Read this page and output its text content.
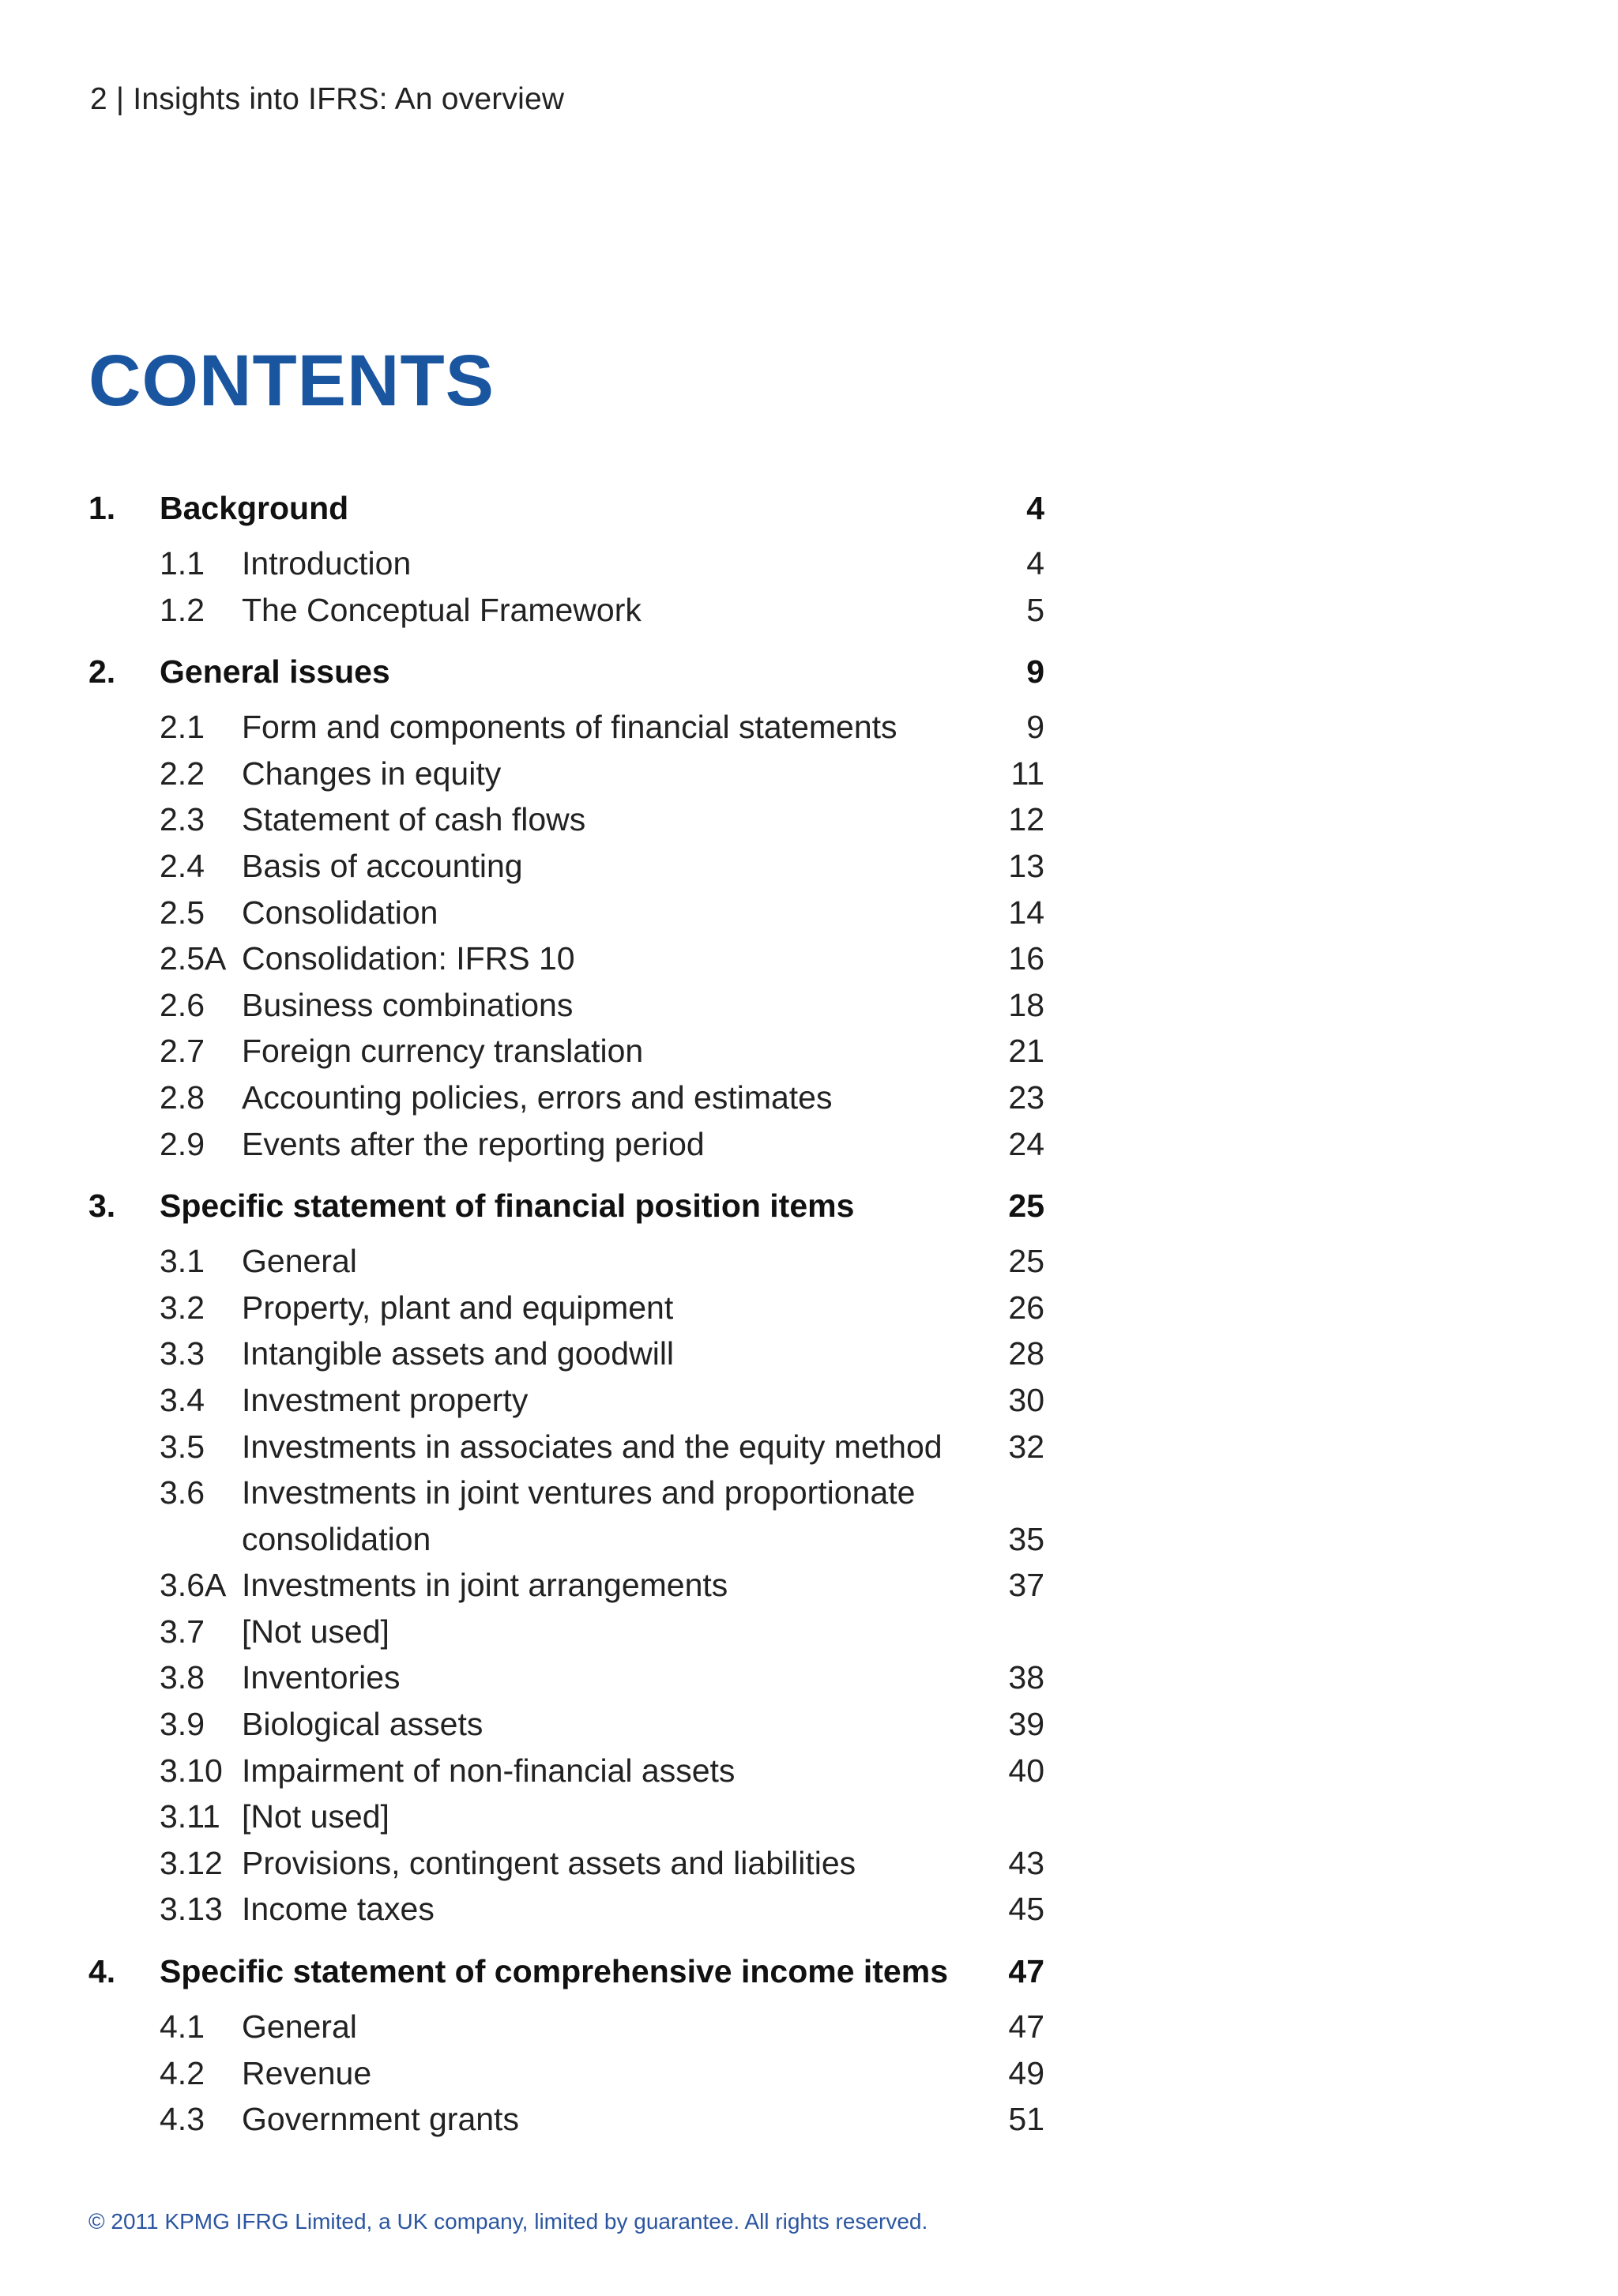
2 | Insights into IFRS: An overview
CONTENTS
1.	Background	4
1.1	Introduction	4
1.2	The Conceptual Framework	5
2.	General issues	9
2.1	Form and components of financial statements	9
2.2	Changes in equity	11
2.3	Statement of cash flows	12
2.4	Basis of accounting	13
2.5	Consolidation	14
2.5A Consolidation: IFRS 10	16
2.6	Business combinations	18
2.7	Foreign currency translation	21
2.8	Accounting policies, errors and estimates	23
2.9	Events after the reporting period	24
3.	Specific statement of financial position items	25
3.1	General	25
3.2	Property, plant and equipment	26
3.3	Intangible assets and goodwill	28
3.4	Investment property	30
3.5	Investments in associates and the equity method	32
3.6	Investments in joint ventures and proportionate
consolidation	35
3.6A Investments in joint arrangements	37
3.7	[Not used]
3.8	Inventories	38
3.9	Biological assets	39
3.10 Impairment of non-financial assets	40
3.11 [Not used]
3.12 Provisions, contingent assets and liabilities	43
3.13 Income taxes	45
4.	Specific statement of comprehensive income items	47
4.1	General	47
4.2	Revenue	49
4.3	Government grants	51
© 2011 KPMG IFRG Limited, a UK company, limited by guarantee. All rights reserved.
